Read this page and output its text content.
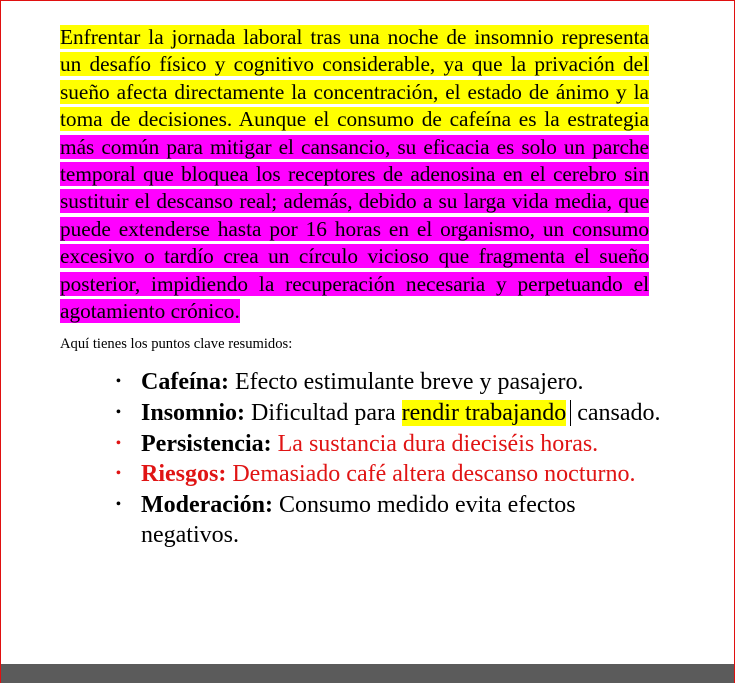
Enfrentar la jornada laboral tras una noche de insomnio representa un desafío físico y cognitivo considerable, ya que la privación del sueño afecta directamente la concentración, el estado de ánimo y la toma de decisiones. Aunque el consumo de cafeína es la estrategia más común para mitigar el cansancio, su eficacia es solo un parche temporal que bloquea los receptores de adenosina en el cerebro sin sustituir el descanso real; además, debido a su larga vida media, que puede extenderse hasta por 16 horas en el organismo, un consumo excesivo o tardío crea un círculo vicioso que fragmenta el sueño posterior, impidiendo la recuperación necesaria y perpetuando el agotamiento crónico.

Aquí tienes los puntos clave resumidos:

• Cafeína: Efecto estimulante breve y pasajero.
• Insomnio: Dificultad para rendir trabajando cansado.
• Persistencia: La sustancia dura dieciséis horas.
• Riesgos: Demasiado café altera descanso nocturno.
• Moderación: Consumo medido evita efectos negativos.
